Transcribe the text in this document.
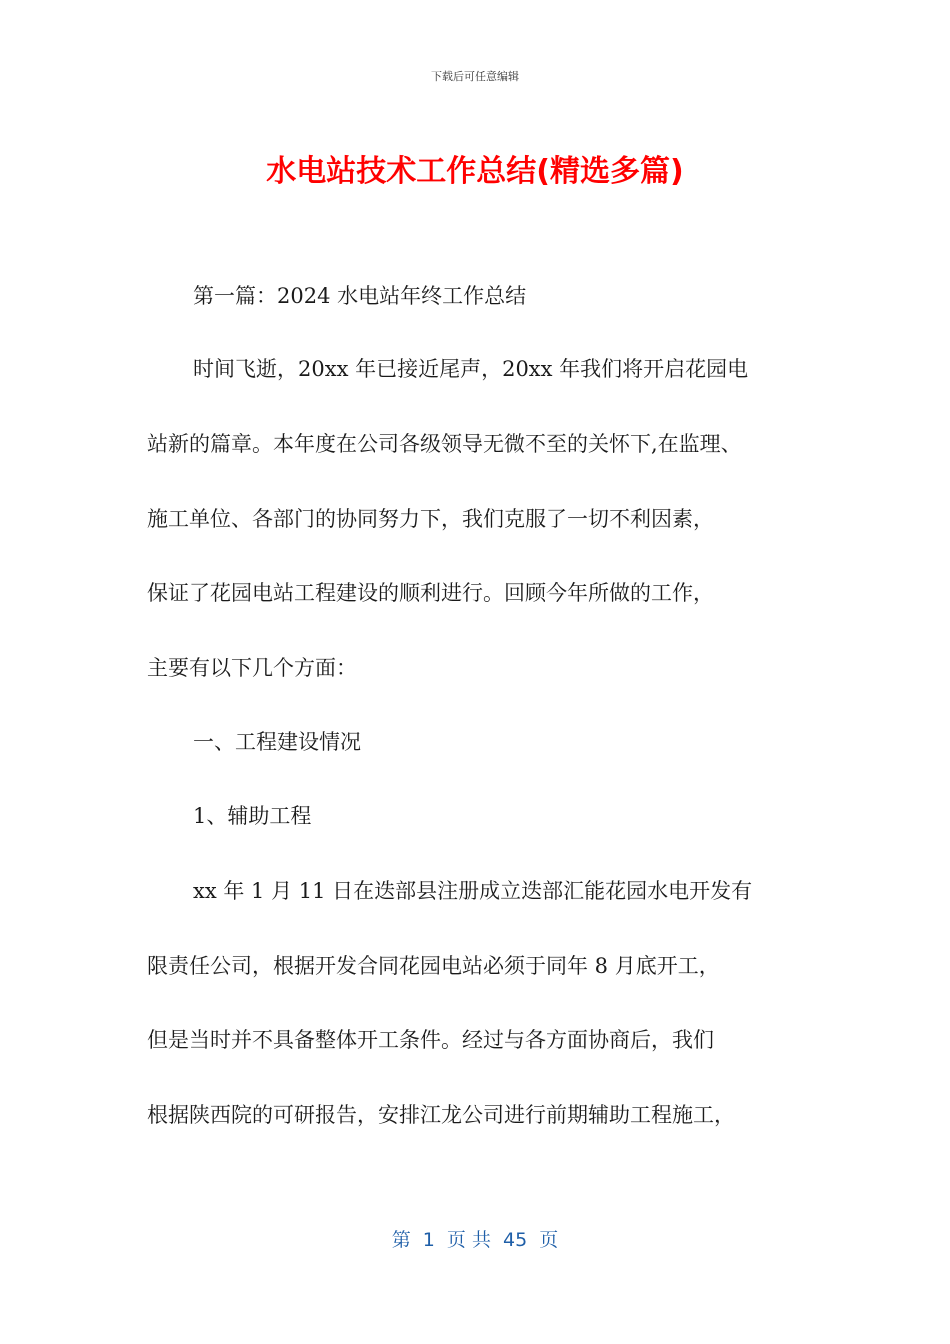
下载后可任意编辑
水电站技术工作总结(精选多篇)
第一篇：2024 水电站年终工作总结
时间飞逝，20xx 年已接近尾声，20xx 年我们将开启花园电
站新的篇章。本年度在公司各级领导无微不至的关怀下,在监理、
施工单位、各部门的协同努力下，我们克服了一切不利因素，
保证了花园电站工程建设的顺利进行。回顾今年所做的工作，
主要有以下几个方面：
一、工程建设情况
1、辅助工程
xx 年 1 月 11 日在迭部县注册成立迭部汇能花园水电开发有
限责任公司，根据开发合同花园电站必须于同年 8 月底开工，
但是当时并不具备整体开工条件。经过与各方面协商后，我们
根据陕西院的可研报告，安排江龙公司进行前期辅助工程施工，
第  1  页 共  45  页
